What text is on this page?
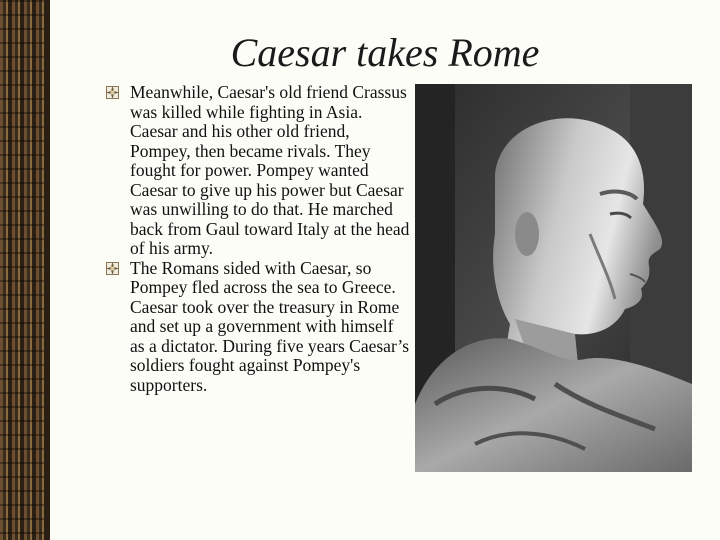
Caesar takes Rome
Meanwhile, Caesar's old friend Crassus was killed while fighting in Asia. Caesar and his other old friend, Pompey, then became rivals. They fought for power. Pompey wanted Caesar to give up his power but Caesar was unwilling to do that. He marched back from Gaul toward Italy at the head of his army.
The Romans sided with Caesar, so Pompey fled across the sea to Greece. Caesar took over the treasury in Rome and set up a government with himself as a dictator. During five years Caesar’s soldiers fought against Pompey's supporters.
